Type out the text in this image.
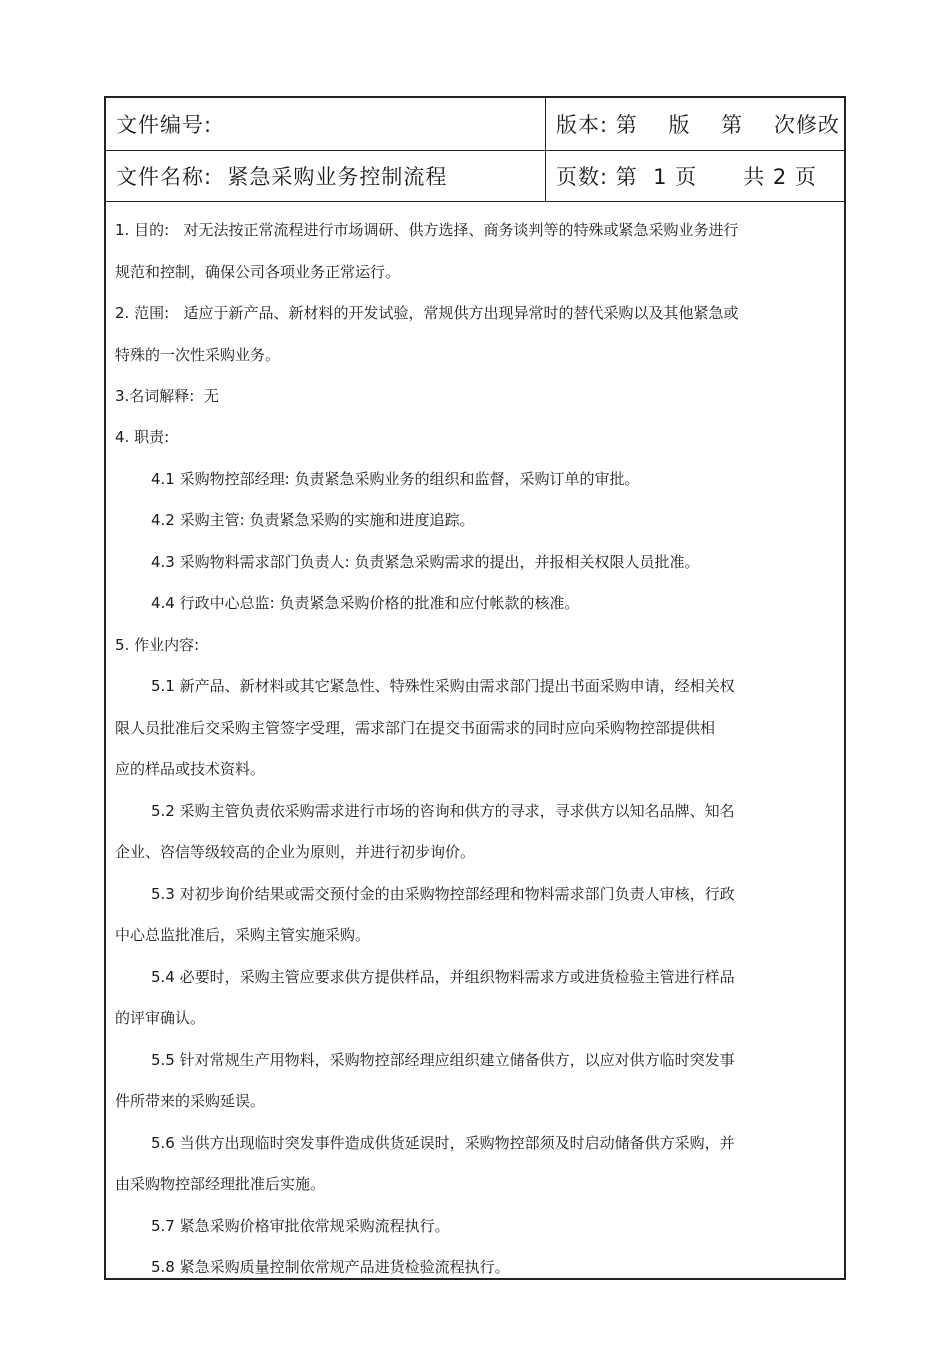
文件编号:	版本: 第    版    第    次修改
文件名称:  紧急采购业务控制流程	页数: 第  1 页      共 2 页
1. 目的:   对无法按正常流程进行市场调研、供方选择、商务谈判等的特殊或紧急采购业务进行
规范和控制，确保公司各项业务正常运行。
2. 范围:   适应于新产品、新材料的开发试验，常规供方出现异常时的替代采购以及其他紧急或
特殊的一次性采购业务。
3.名词解释:  无
4. 职责:
4.1 采购物控部经理: 负责紧急采购业务的组织和监督，采购订单的审批。
4.2 采购主管: 负责紧急采购的实施和进度追踪。
4.3 采购物料需求部门负责人: 负责紧急采购需求的提出，并报相关权限人员批准。
4.4 行政中心总监: 负责紧急采购价格的批准和应付帐款的核准。
5. 作业内容:
5.1 新产品、新材料或其它紧急性、特殊性采购由需求部门提出书面采购申请，经相关权
限人员批准后交采购主管签字受理，需求部门在提交书面需求的同时应向采购物控部提供相
应的样品或技术资料。
5.2 采购主管负责依采购需求进行市场的咨询和供方的寻求，寻求供方以知名品牌、知名
企业、咨信等级较高的企业为原则，并进行初步询价。
5.3 对初步询价结果或需交预付金的由采购物控部经理和物料需求部门负责人审核，行政
中心总监批准后，采购主管实施采购。
5.4 必要时，采购主管应要求供方提供样品，并组织物料需求方或进货检验主管进行样品
的评审确认。
5.5 针对常规生产用物料，采购物控部经理应组织建立储备供方，以应对供方临时突发事
件所带来的采购延误。
5.6 当供方出现临时突发事件造成供货延误时，采购物控部须及时启动储备供方采购，并
由采购物控部经理批准后实施。
5.7 紧急采购价格审批依常规采购流程执行。
5.8 紧急采购质量控制依常规产品进货检验流程执行。
